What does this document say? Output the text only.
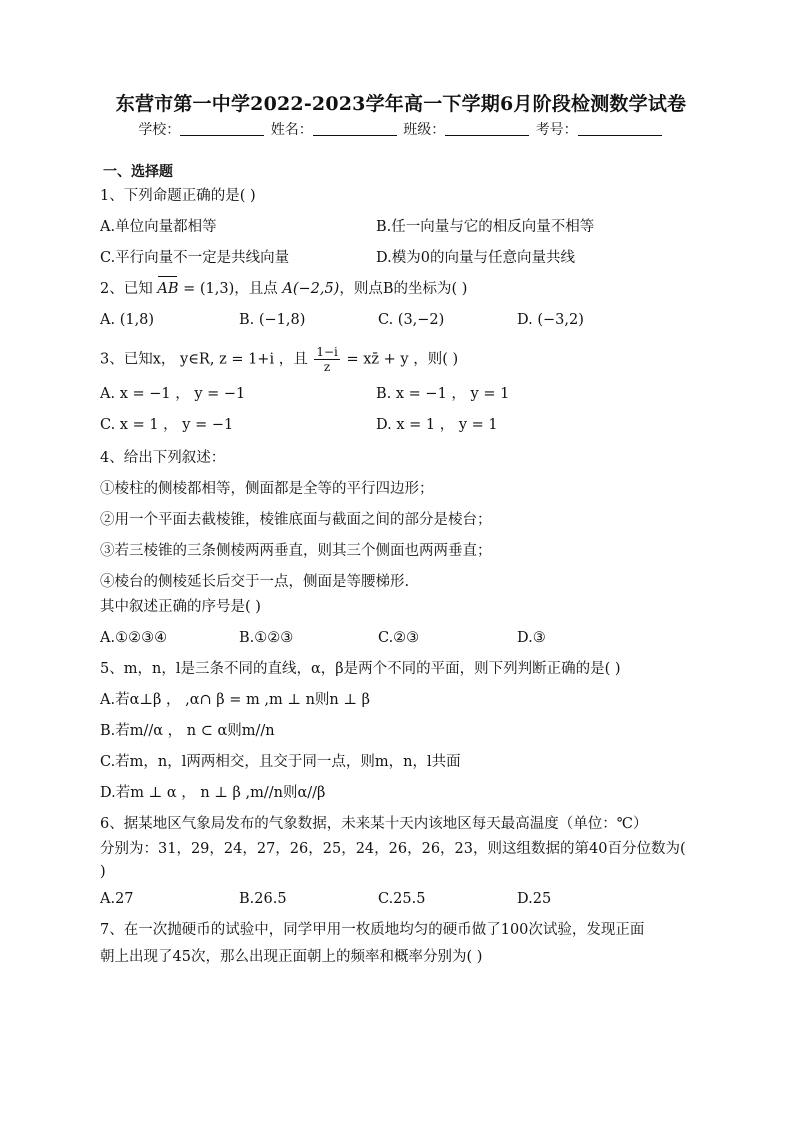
东营市第一中学2022-2023学年高一下学期6月阶段检测数学试卷
学校：	姓名：	班级：	考号：
一、选择题
1、下列命题正确的是( )
A.单位向量都相等	B.任一向量与它的相反向量不相等
C.平行向量不一定是共线向量	D.模为0的向量与任意向量共线
2、已知 AB = (1,3)，且点 A(−2,5)，则点B的坐标为( )
A. (1,8)	B. (−1,8)	C. (3,−2)	D. (−3,2)
3、已知x， y∈R, z = 1+i ，且 $\frac{1-i}{z}$ = xz̄ + y ，则( )
A. x = −1 ， y = −1	B. x = −1 ， y = 1
C. x = 1 ， y = −1	D. x = 1 ， y = 1
4、给出下列叙述：
①棱柱的侧棱都相等，侧面都是全等的平行四边形；
②用一个平面去截棱锥，棱锥底面与截面之间的部分是棱台；
③若三棱锥的三条侧棱两两垂直，则其三个侧面也两两垂直；
④棱台的侧棱延长后交于一点，侧面是等腰梯形.
其中叙述正确的序号是( )
A.①②③④	B.①②③	C.②③	D.③
5、m，n，l是三条不同的直线，α，β是两个不同的平面，则下列判断正确的是( )
A.若α⊥β ， ,α∩ β = m ,m ⊥ n则n ⊥ β
B.若m//α ， n ⊂ α则m//n
C.若m，n，l两两相交，且交于同一点，则m，n，l共面
D.若m ⊥ α ， n ⊥ β ,m//n则α//β
6、据某地区气象局发布的气象数据，未来某十天内该地区每天最高温度（单位：℃）
分别为：31，29，24，27，26，25，24，26，26，23，则这组数据的第40百分位数为(
)
A.27	B.26.5	C.25.5	D.25
7、在一次抛硬币的试验中，同学甲用一枚质地均匀的硬币做了100次试验，发现正面
朝上出现了45次，那么出现正面朝上的频率和概率分别为( )
